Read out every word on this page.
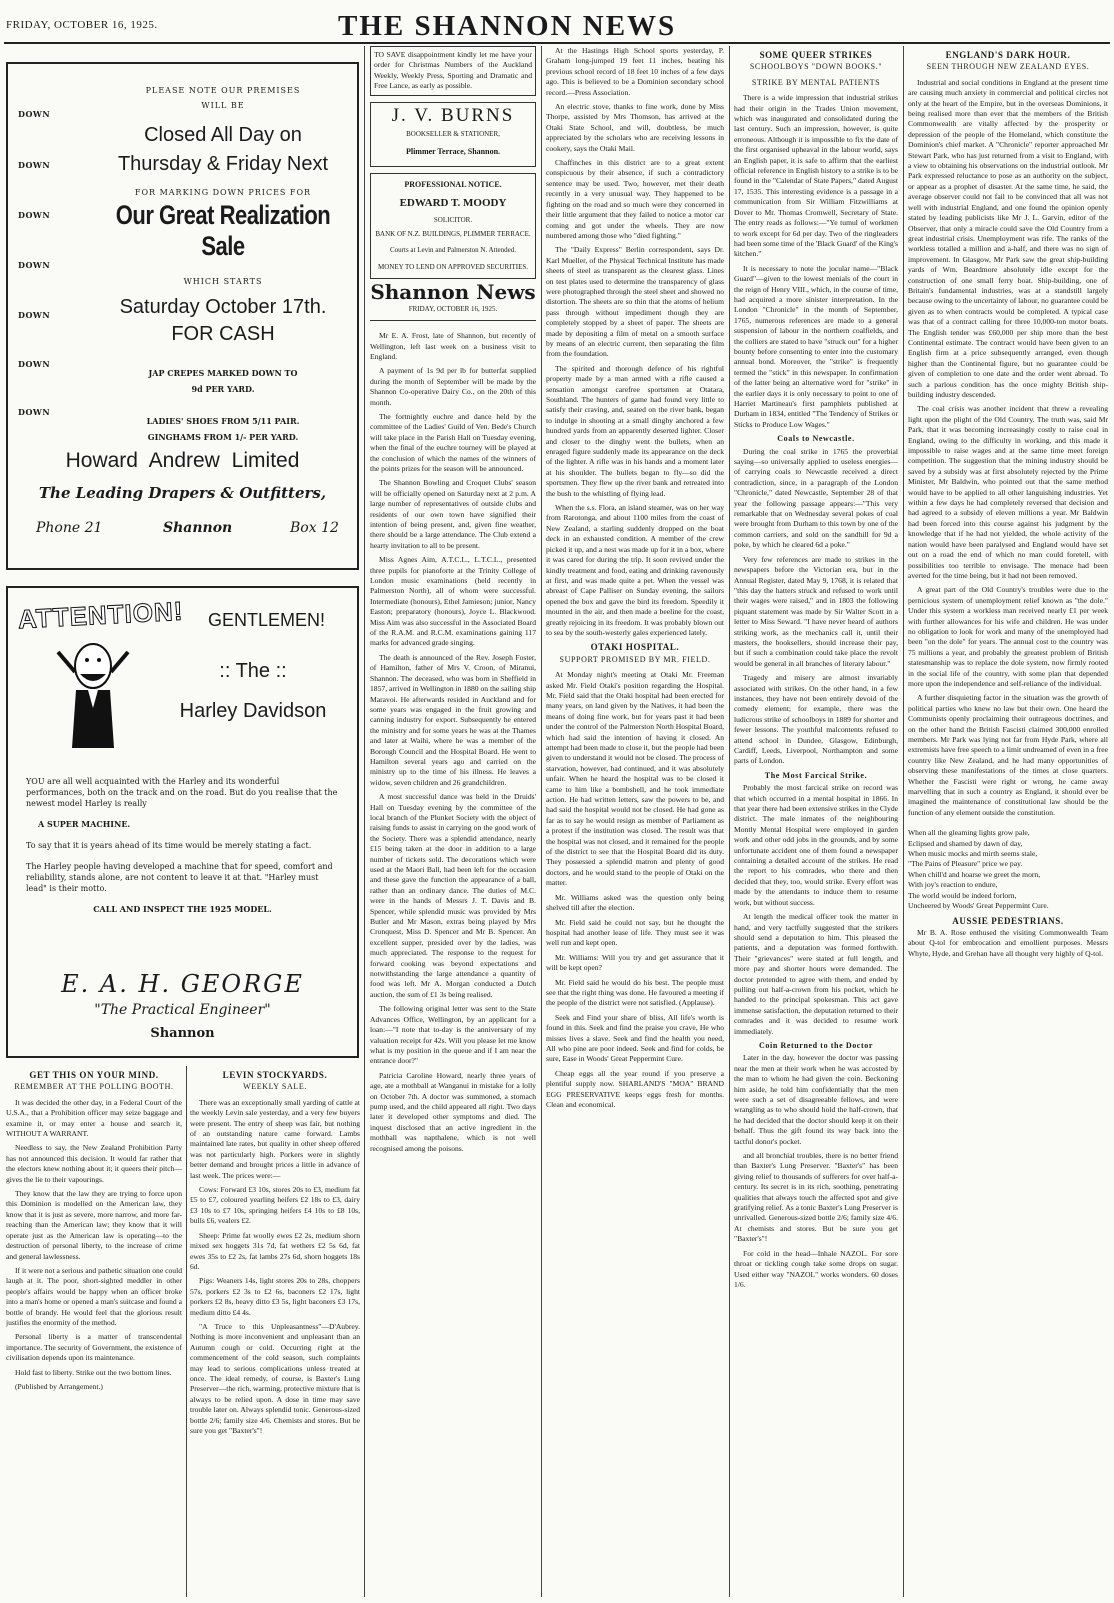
FRIDAY, OCTOBER 16, 1925.	THE SHANNON NEWS
DOWN
DOWN
DOWN
DOWN
DOWN
DOWN
DOWN
PLEASE NOTE OUR PREMISES
WILL BE
Closed All Day on
Thursday & Friday Next
FOR MARKING DOWN PRICES FOR
Our Great Realization Sale
WHICH STARTS
Saturday October 17th.
FOR CASH
JAP CREPES MARKED DOWN TO
9d PER YARD.
LADIES' SHOES FROM 5/11 PAIR.
GINGHAMS FROM 1/- PER YARD.
Howard Andrew Limited
The Leading Drapers & Outfitters,
Phone 21	Shannon	Box 12
ATTENTION! GENTLEMEN!
:: The ::
Harley Davidson
YOU are all well acquainted with the Harley and its wonderful performances, both on the track and on the road. But do you realise that the newest model Harley is really
A SUPER MACHINE.
To say that it is years ahead of its time would be merely stating a fact.
The Harley people having developed a machine that for speed, comfort and reliability, stands alone, are not content to leave it at that. "Harley must lead" is their motto.
CALL AND INSPECT THE 1925 MODEL.
E. A. H. GEORGE
"The Practical Engineer"
Shannon
GET THIS ON YOUR MIND.
REMEMBER AT THE POLLING BOOTH.

It was decided the other day, in a Federal Court of the U.S.A., that a Prohibition officer may seize baggage and examine it, or may enter a house and search it, WITHOUT A WARRANT.

Needless to say, the New Zealand Prohibition Party has not announced this decision. It would far rather that the electors knew nothing about it; it queers their pitch—gives the lie to their vapourings.

They know that the law they are trying to force upon this Dominion is modelled on the American law, they know that it is just as severe, more narrow, and more far-reaching than the American law; they know that it will operate just as the American law is operating—to the destruction of personal liberty, to the increase of crime and general lawlessness.

If it were not a serious and pathetic situation one could laugh at it. The poor, short-sighted meddler in other people's affairs would be happy when an officer broke into a man's home or opened a man's suitcase and found a bottle of brandy. He would feel that the glorious result justifies the enormity of the method.

Personal liberty is a matter of transcendental importance. The security of Government, the existence of civilisation depends upon its maintenance.

Hold fast to liberty. Strike out the two bottom lines.

(Published by Arrangement.)

LEVIN STOCKYARDS.
WEEKLY SALE.

There was an exceptionally small yarding of cattle at the weekly Levin sale yesterday, and a very few buyers were present. The entry of sheep was fair, but nothing of an outstanding nature came forward. Lambs maintained late rates, but quality in other sheep offered was not particularly high. Porkers were in slightly better demand and brought prices a little in advance of last week. The prices were:—

Cows: Forward £3 10s, stores 20s to £3, medium fat £5 to £7, coloured yearling heifers £2 18s to £3, dairy £3 10s to £7 10s, springing heifers £4 10s to £8 10s, bulls £6, vealers £2.

Sheep: Prime fat woolly ewes £2 2s, medium shorn mixed sex hoggets 31s 7d, fat wethers £2 5s 6d, fat ewes 35s to £2 2s, fat lambs 27s 6d, shorn hoggets 18s 6d.

Pigs: Weaners 14s, light stores 20s to 28s, choppers 57s, porkers £2 3s to £2 6s, baconers £2 17s, light porkers £2 8s, heavy ditto £3 5s, light baconers £3 17s, medium ditto £4 4s.

"A Truce to this Unpleasantness"—D'Aubrey. Nothing is more inconvenient and unpleasant than an Autumn cough or cold. Occurring right at the commencement of the cold season, such complaints may lead to serious complications unless treated at once. The ideal remedy, of course, is Baxter's Lung Preserver—the rich, warming, protective mixture that is always to be relied upon. A dose in time may save trouble later on. Always splendid tonic. Generous-sized bottle 2/6; family size 4/6. Chemists and stores. But be sure you get "Baxter's"!

TO SAVE disappointment kindly let me have your order for Christmas Numbers of the Auckland Weekly, Weekly Press, Sporting and Dramatic and Free Lance, as early as possible.

J. V. BURNS
BOOKSELLER & STATIONER,
Plimmer Terrace, Shannon.
PROFESSIONAL NOTICE.
EDWARD T. MOODY
SOLICITOR.
BANK OF N.Z. BUILDINGS, PLIMMER TERRACE.
Courts at Levin and Palmerston N. Attended.
MONEY TO LEND ON APPROVED SECURITIES.
Shannon News
FRIDAY, OCTOBER 16, 1925.

Mr E. A. Frost, late of Shannon, but recently of Wellington, left last week on a business visit to England.

A payment of 1s 9d per lb for butterfat supplied during the month of September will be made by the Shannon Co-operative Dairy Co., on the 20th of this month.

The fortnightly euchre and dance held by the committee of the Ladies' Guild of Ven. Bede's Church will take place in the Parish Hall on Tuesday evening, when the final of the euchre tourney will be played at the conclusion of which the names of the winners of the points prizes for the season will be announced.

The Shannon Bowling and Croquet Clubs' season will be officially opened on Saturday next at 2 p.m. A large number of representatives of outside clubs and residents of our own town have signified their intention of being present, and, given fine weather, there should be a large attendance. The Club extend a hearty invitation to all to be present.

Miss Agnes Aim, A.T.C.L., L.T.C.L., presented three pupils for pianoforte at the Trinity College of London music examinations (held recently in Palmerston North), all of whom were successful. Intermediate (honours), Ethel Jamieson; junior, Nancy Easton; preparatory (honours), Joyce L. Blackwood. Miss Aim was also successful in the Associated Board of the R.A.M. and R.C.M. examinations gaining 117 marks for advanced grade singing.

The death is announced of the Rev. Joseph Foster, of Hamilton, father of Mrs V. Croon, of Miranui, Shannon. The deceased, who was born in Sheffield in 1857, arrived in Wellington in 1880 on the sailing ship Maravoi. He afterwards resided in Auckland and for some years was engaged in the fruit growing and canning industry for export. Subsequently he entered the ministry and for some years he was at the Thames and later at Waihi, where he was a member of the Borough Council and the Hospital Board. He went to Hamilton several years ago and carried on the ministry up to the time of his illness. He leaves a widow, seven children and 26 grandchildren.

A most successful dance was held in the Druids' Hall on Tuesday evening by the committee of the local branch of the Plunket Society with the object of raising funds to assist in carrying on the good work of the Society. There was a splendid attendance, nearly £15 being taken at the door in addition to a large number of tickets sold. The decorations which were used at the Maori Ball, had been left for the occasion and these gave the function the appearance of a ball, rather than an ordinary dance. The duties of M.C. were in the hands of Messrs J. T. Davis and B. Spencer, while splendid music was provided by Mrs Butler and Mr Mason, extras being played by Mrs Cronquest, Miss D. Spencer and Mr B. Spencer. An excellent supper, presided over by the ladies, was much appreciated. The response to the request for forward cooking was beyond expectations and notwithstanding the large attendance a quantity of food was left. Mr A. Morgan conducted a Dutch auction, the sum of £1 3s being realised.

The following original letter was sent to the State Advances Office, Wellington, by an applicant for a loan:—"I note that to-day is the anniversary of my valuation receipt for 42s. Will you please let me know what is my position in the queue and if I am near the entrance door?"

Patricia Caroline Howard, nearly three years of age, ate a mothball at Wanganui in mistake for a lolly on October 7th. A doctor was summoned, a stomach pump used, and the child appeared all right. Two days later it developed other symptoms and died. The inquest disclosed that an active ingredient in the mothball was napthalene, which is not well recognised among the poisons.

At the Hastings High School sports yesterday, P. Graham long-jumped 19 feet 11 inches, beating his previous school record of 18 feet 10 inches of a few days ago. This is believed to be a Dominion secondary school record.—Press Association.

An electric stove, thanks to fine work, done by Miss Thorpe, assisted by Mrs Thomson, has arrived at the Otaki State School, and will, doubtless, be much appreciated by the scholars who are receiving lessons in cookery, says the Otaki Mail.

Chaffinches in this district are to a great extent conspicuous by their absence, if such a contradictory sentence may be used. Two, however, met their death recently in a very unusual way. They happened to be fighting on the road and so much were they concerned in their little argument that they failed to notice a motor car coming and got under the wheels. They are now numbered among those who "died fighting."

The "Daily Express" Berlin correspondent, says Dr. Karl Mueller, of the Physical Technical Institute has made sheets of steel as transparent as the clearest glass. Lines on test plates used to determine the transparency of glass were photographed through the steel sheet and showed no distortion. The sheets are so thin that the atoms of helium pass through without impediment though they are completely stopped by a sheet of paper. The sheets are made by depositing a film of metal on a smooth surface by means of an electric current, then separating the film from the foundation.

The spirited and thorough defence of his rightful property made by a man armed with a rifle caused a sensation amongst carefree sportsmen at Otatara, Southland. The hunters of game had found very little to satisfy their craving, and, seated on the river bank, began to indulge in shooting at a small dinghy anchored a few hundred yards from an apparently deserted lighter. Closer and closer to the dinghy went the bullets, when an enraged figure suddenly made its appearance on the deck of the lighter. A rifle was in his hands and a moment later at his shoulder. The bullets began to fly—so did the sportsmen. They flew up the river bank and retreated into the bush to the whistling of flying lead.

When the s.s. Flora, an island steamer, was on her way from Rarotonga, and about 1100 miles from the coast of New Zealand, a starling suddenly dropped on the boat deck in an exhausted condition. A member of the crew picked it up, and a nest was made up for it in a box, where it was cared for during the trip. It soon revived under the kindly treatment and food, eating and drinking ravenously at first, and was made quite a pet. When the vessel was abreast of Cape Palliser on Sunday evening, the sailors opened the box and gave the bird its freedom. Speedily it mounted in the air, and then made a beeline for the coast, greatly rejoicing in its freedom. It was probably blown out to sea by the south-westerly gales experienced lately.

OTAKI HOSPITAL.
SUPPORT PROMISED BY MR. FIELD.

At Monday night's meeting at Otaki Mr. Freeman asked Mr. Field Otaki's position regarding the Hospital. Mr. Field said that the Otaki hospital had been erected for many years, on land given by the Natives, it had been the means of doing fine work, but for years past it had been under the control of the Palmerston North Hospital Board, which had said the intention of having it closed. An attempt had been made to close it, but the people had been given to understand it would not be closed. The process of starvation, however, had continued, and it was absolutely unfair. When he heard the hospital was to be closed it came to him like a bombshell, and he took immediate action. He had written letters, saw the powers to be, and had said the hospital would not be closed. He had gone as far as to say he would resign as member of Parliament as a protest if the institution was closed. The result was that the hospital was not closed, and it remained for the people of the district to see that the Hospital Board did its duty. They possessed a splendid matron and plenty of good doctors, and he would stand to the people of Otaki on the matter.

Mr. Williams asked was the question only being shelved till after the election.

Mr. Field said he could not say, but he thought the hospital had another lease of life. They must see it was well run and kept open.

Mr. Williams: Will you try and get assurance that it will be kept open?

Mr. Field said he would do his best. The people must see that the right thing was done. He favoured a meeting if the people of the district were not satisfied. (Applause).

Seek and Find your share of bliss, All life's worth is found in this. Seek and find the praise you crave, He who misses lives a slave. Seek and find the health you need, All who pine are poor indeed. Seek and find for colds, be sure, Ease in Woods' Great Peppermint Cure.

Cheap eggs all the year round if you preserve a plentiful supply now. SHARLAND'S "MOA" BRAND EGG PRESERVATIVE keeps eggs fresh for months. Clean and economical.

SOME QUEER STRIKES
SCHOOLBOYS "DOWN BOOKS."
STRIKE BY MENTAL PATIENTS

There is a wide impression that industrial strikes had their origin in the Trades Union movement, which was inaugurated and consolidated during the last century. Such an impression, however, is quite erroneous. Although it is impossible to fix the date of the first organised upheaval in the labour world, says an English paper, it is safe to affirm that the earliest official reference in English history to a strike is to be found in the "Calendar of State Papers," dated August 17, 1535. This interesting evidence is a passage in a communication from Sir William Fitzwilliams at Dover to Mr. Thomas Cromwell, Secretary of State. The entry reads as follows:—"Ye tumul of workmen to work except for 6d per day. Two of the ringleaders had been some time of the 'Black Guard' of the King's kitchen."

It is necessary to note the jocular name—"Black Guard"—given to the lowest menials of the court in the reign of Henry VIII., which, in the course of time, had acquired a more sinister interpretation. In the London "Chronicle" in the month of September, 1765, numerous references are made to a general suspension of labour in the northern coalfields, and the colliers are stated to have "struck out" for a higher bounty before consenting to enter into the customary annual bond. Moreover, the "strike" is frequently termed the "stick" in this newspaper. In confirmation of the latter being an alternative word for "strike" in the earlier days it is only necessary to point to one of Harriet Martineau's first pamphlets published at Durham in 1834, entitled "The Tendency of Strikes or Sticks to Produce Low Wages."

Coals to Newcastle.

During the coal strike in 1765 the proverbial saying—so universally applied to useless energies—of carrying coals to Newcastle received a direct contradiction, since, in a paragraph of the London "Chronicle," dated Newcastle, September 28 of that year the following passage appears:—"This very remarkable that on Wednesday several pokes of coal were brought from Durham to this town by one of the common carriers, and sold on the sandhill for 9d a poke, by which he cleared 6d a poke."

Very few references are made to strikes in the newspapers before the Victorian era, but in the Annual Register, dated May 9, 1768, it is related that "this day the hatters struck and refused to work until their wages were raised," and in 1803 the following piquant statement was made by Sir Walter Scott in a letter to Miss Seward. "I have never heard of authors striking work, as the mechanics call it, until their masters, the booksellers, should increase their pay, but if such a combination could take place the revolt would be general in all branches of literary labour."

Tragedy and misery are almost invariably associated with strikes. On the other hand, in a few instances, they have not been entirely devoid of the comedy element; for example, there was the ludicrous strike of schoolboys in 1889 for shorter and fewer lessons. The youthful malcontents refused to attend school in Dundee, Glasgow, Edinburgh, Cardiff, Leeds, Liverpool, Northampton and some parts of London.

The Most Farcical Strike.

Probably the most farcical strike on record was that which occurred in a mental hospital in 1866. In that year there had been extensive strikes in the Clyde district. The male inmates of the neighbouring Montly Mental Hospital were employed in garden work and other odd jobs in the grounds, and by some unfortunate accident one of them found a newspaper containing a detailed account of the strikes. He read the report to his comrades, who there and then decided that they, too, would strike. Every effort was made by the attendants to induce them to resume work, but without success.

At length the medical officer took the matter in hand, and very tactfully suggested that the strikers should send a deputation to him. This pleased the patients, and a deputation was formed forthwith. Their "grievances" were stated at full length, and more pay and shorter hours were demanded. The doctor pretended to agree with them, and ended by pulling out half-a-crown from his pocket, which he handed to the principal spokesman. This act gave immense satisfaction, the deputation returned to their comrades and it was decided to resume work immediately.

Coin Returned to the Doctor

Later in the day, however the doctor was passing near the men at their work when he was accosted by the man to whom he had given the coin. Beckoning him aside, he told him confidentially that the men were such a set of disagreeable fellows, and were wrangling as to who should hold the half-crown, that he had decided that the doctor should keep it on their behalf. Thus the gift found its way back into the tactful donor's pocket.

and all bronchial troubles, there is no better friend than Baxter's Lung Preserver. "Baxter's" has been giving relief to thousands of sufferers for over half-a-century. Its secret is in its rich, soothing, penetrating qualities that always touch the affected spot and give gratifying relief. As a tonic Baxter's Lung Preserver is unrivalled. Generous-sized bottle 2/6; family size 4/6. At chemists and stores. But be sure you get "Baxter's"!

For cold in the head—Inhale NAZOL. For sore throat or tickling cough take some drops on sugar. Used either way "NAZOL" works wonders. 60 doses 1/6.

ENGLAND'S DARK HOUR.
SEEN THROUGH NEW ZEALAND EYES.

Industrial and social conditions in England at the present time are causing much anxiety in commercial and political circles not only at the heart of the Empire, but in the overseas Dominions, it being realised more than ever that the members of the British Commonwealth are vitally affected by the prosperity or depression of the people of the Homeland, which constitute the Dominion's chief market. A "Chronicle" reporter approached Mr Stewart Park, who has just returned from a visit to England, with a view to obtaining his observations on the industrial outlook. Mr Park expressed reluctance to pose as an authority on the subject, or appear as a prophet of disaster. At the same time, he said, the average observer could not fail to be convinced that all was not well with industrial England, and one found the opinion openly stated by leading publicists like Mr J. L. Garvin, editor of the Observer, that only a miracle could save the Old Country from a great industrial crisis. Unemployment was rife. The ranks of the workless totalled a million and a-half, and there was no sign of improvement. In Glasgow, Mr Park saw the great ship-building yards of Wm. Beardmore absolutely idle except for the construction of one small ferry boat. Ship-building, one of Britain's fundamental industries, was at a standstill largely because owing to the uncertainty of labour, no guarantee could be given as to when contracts would be completed. A typical case was that of a contract calling for three 10,000-ton motor boats. The English tender was £60,000 per ship more than the best Continental estimate. The contract would have been given to an English firm at a price subsequently arranged, even though higher than the Continental figure, but no guarantee could be given of completion to one date and the order went abroad. To such a parlous condition has the once mighty British ship-building industry descended.

The coal crisis was another incident that threw a revealing light upon the plight of the Old Country. The truth was, said Mr Park, that it was becoming increasingly costly to raise coal in England, owing to the difficulty in working, and this made it impossible to raise wages and at the same time meet foreign competition. The suggestion that the mining industry should be saved by a subsidy was at first absolutely rejected by the Prime Minister, Mr Baldwin, who pointed out that the same method would have to be applied to all other languishing industries. Yet within a few days he had completely reversed that decision and had agreed to a subsidy of eleven millions a year. Mr Baldwin had been forced into this course against his judgment by the knowledge that if he had not yielded, the whole activity of the nation would have been paralysed and England would have set out on a road the end of which no man could foretell, with possibilities too terrible to envisage. The menace had been averted for the time being, but it had not been removed.

A great part of the Old Country's troubles were due to the pernicious system of unemployment relief known as "the dole." Under this system a workless man received nearly £1 per week with further allowances for his wife and children. He was under no obligation to look for work and many of the unemployed had been "on the dole" for years. The annual cost to the country was 75 millions a year, and probably the greatest problem of British statesmanship was to replace the dole system, now firmly rooted in the social life of the country, with some plan that depended more upon the independence and self-reliance of the individual.

A further disquieting factor in the situation was the growth of political parties who knew no law but their own. One heard the Communists openly proclaiming their outrageous doctrines, and on the other hand the British Fascisti claimed 300,000 enrolled members. Mr Park was lying not far from Hyde Park, where all extremists have free speech to a limit undreamed of even in a free country like New Zealand, and he had many opportunities of observing these manifestations of the times at close quarters. Whether the Fascisti were right or wrong, he came away marvelling that in such a country as England, it should ever be imagined the maintenance of constitutional law should be the function of any element outside the constitution.

When all the gleaming lights grow pale,
Eclipsed and shamed by dawn of day,
When music mocks and mirth seems stale,
"The Pains of Pleasure" price we pay.
When chill'd and hoarse we greet the morn,
With joy's reaction to endure,
The world would be indeed forlorn,
Uncheered by Woods' Great Peppermint Cure.

AUSSIE PEDESTRIANS.

Mr B. A. Rose enthused the visiting Commonwealth Team about Q-tol for embrocation and emollient purposes. Messrs Whyte, Hyde, and Grehan have all thought very highly of Q-tol.
